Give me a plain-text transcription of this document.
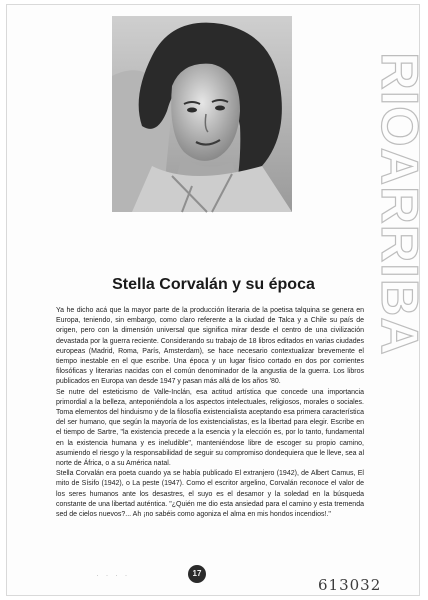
RIOARRIBA
Stella Corvalán y su época

Ya he dicho acá que la mayor parte de la producción literaria de la poetisa talquina se genera en Europa, teniendo, sin embargo, como claro referente a la ciudad de Talca y a Chile su país de origen, pero con la dimensión universal que significa mirar desde el centro de una civilización devastada por la guerra reciente. Considerando su trabajo de 18 libros editados en varias ciudades europeas (Madrid, Roma, París, Amsterdam), se hace necesario contextualizar brevemente el tiempo inestable en el que escribe. Una época y un lugar físico cortado en dos por corrientes filosóficas y literarias nacidas con el común denominador de la angustia de la guerra. Los libros publicados en Europa van desde 1947 y pasan más allá de los años '80.

Se nutre del esteticismo de Valle-Inclán, esa actitud artística que concede una importancia primordial a la belleza, anteponiéndola a los aspectos intelectuales, religiosos, morales o sociales. Toma elementos del hinduismo y de la filosofía existencialista aceptando esa primera característica del ser humano, que según la mayoría de los existencialistas, es la libertad para elegir. Escribe en el tiempo de Sartre, "la existencia precede a la esencia y la elección es, por lo tanto, fundamental en la existencia humana y es ineludible", manteniéndose libre de escoger su propio camino, asumiendo el riesgo y la responsabilidad de seguir su compromiso dondequiera que le lleve, sea al norte de África, o a su América natal.

Stella Corvalán era poeta cuando ya se había publicado El extranjero (1942), de Albert Camus, El mito de Sísifo (1942), o La peste (1947). Como el escritor argelino, Corvalán reconoce el valor de los seres humanos ante los desastres, el suyo es el desamor y la soledad en la búsqueda constante de una libertad auténtica. "¿Quién me dio esta ansiedad para el camino y esta tremenda sed de cielos nuevos?... Ah ¡no sabéis como agoniza el alma en mis hondos incendios!."

· · · ·	17
613032
